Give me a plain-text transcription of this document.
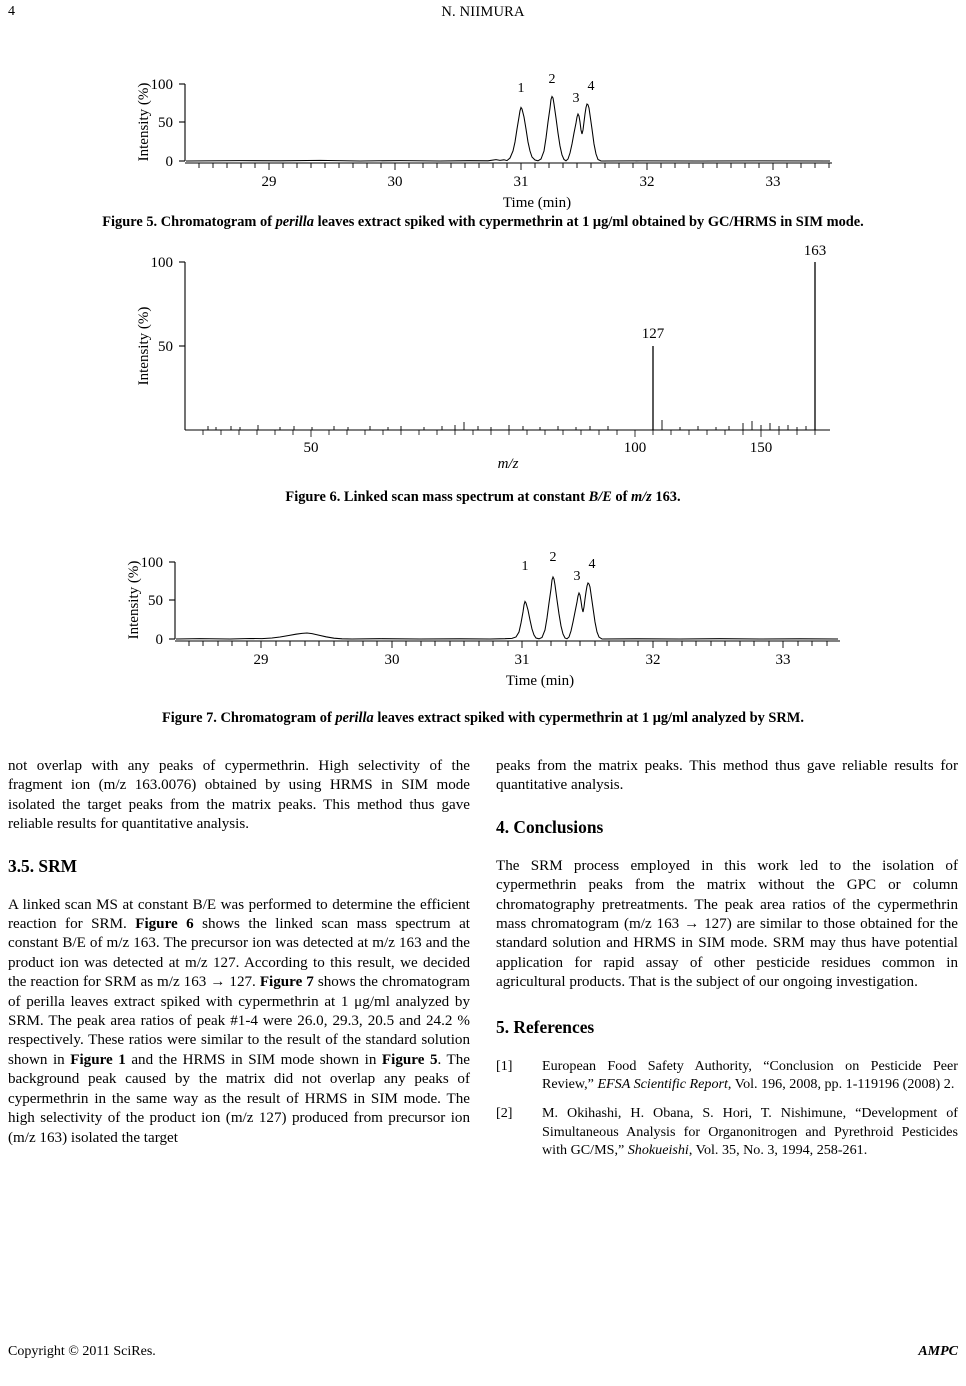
4	N. NIIMURA
100
50
0
Intensity (%)
29	30	31	32	33
1
2
3
4
Time (min)
Figure 5. Chromatogram of perilla leaves extract spiked with cypermethrin at 1 μg/ml obtained by GC/HRMS in SIM mode.
100
50
Intensity (%)	127
163
50	100	150
m/z
Figure 6. Linked scan mass spectrum at constant B/E of m/z 163.
100
50
0
Intensity (%)
29	30	31	32	33
1
2
3
4
Time (min)
Figure 7. Chromatogram of perilla leaves extract spiked with cypermethrin at 1 μg/ml analyzed by SRM.

not overlap with any peaks of cypermethrin. High selectivity of the fragment ion (m/z 163.0076) obtained by using HRMS in SIM mode isolated the target peaks from the matrix peaks. This method thus gave reliable results for quantitative analysis.

3.5. SRM

A linked scan MS at constant B/E was performed to determine the efficient reaction for SRM. Figure 6 shows the linked scan mass spectrum at constant B/E of m/z 163. The precursor ion was detected at m/z 163 and the product ion was detected at m/z 127. According to this result, we decided the reaction for SRM as m/z 163 → 127. Figure 7 shows the chromatogram of perilla leaves extract spiked with cypermethrin at 1 μg/ml analyzed by SRM. The peak area ratios of peak #1-4 were 26.0, 29.3, 20.5 and 24.2 % respectively. These ratios were similar to the result of the standard solution shown in Figure 1 and the HRMS in SIM mode shown in Figure 5. The background peak caused by the matrix did not overlap any peaks of cypermethrin in the same way as the result of HRMS in SIM mode. The high selectivity of the product ion (m/z 127) produced from precursor ion (m/z 163) isolated the target

peaks from the matrix peaks. This method thus gave reliable results for quantitative analysis.

4. Conclusions

The SRM process employed in this work led to the isolation of cypermethrin peaks from the matrix without the GPC or column chromatography pretreatments. The peak area ratios of the cypermethrin mass chromatogram (m/z 163 → 127) are similar to those obtained for the standard solution and HRMS in SIM mode. SRM may thus have potential application for rapid assay of other pesticide residues common in agricultural products. That is the subject of our ongoing investigation.

5. References
[1] European Food Safety Authority, “Conclusion on Pesticide Peer Review,” EFSA Scientific Report, Vol. 196, 2008, pp. 1-119196 (2008) 2.
[2] M. Okihashi, H. Obana, S. Hori, T. Nishimune, “Development of Simultaneous Analysis for Organonitrogen and Pyrethroid Pesticides with GC/MS,” Shokueishi, Vol. 35, No. 3, 1994, 258-261.
Copyright © 2011 SciRes.	AMPC
